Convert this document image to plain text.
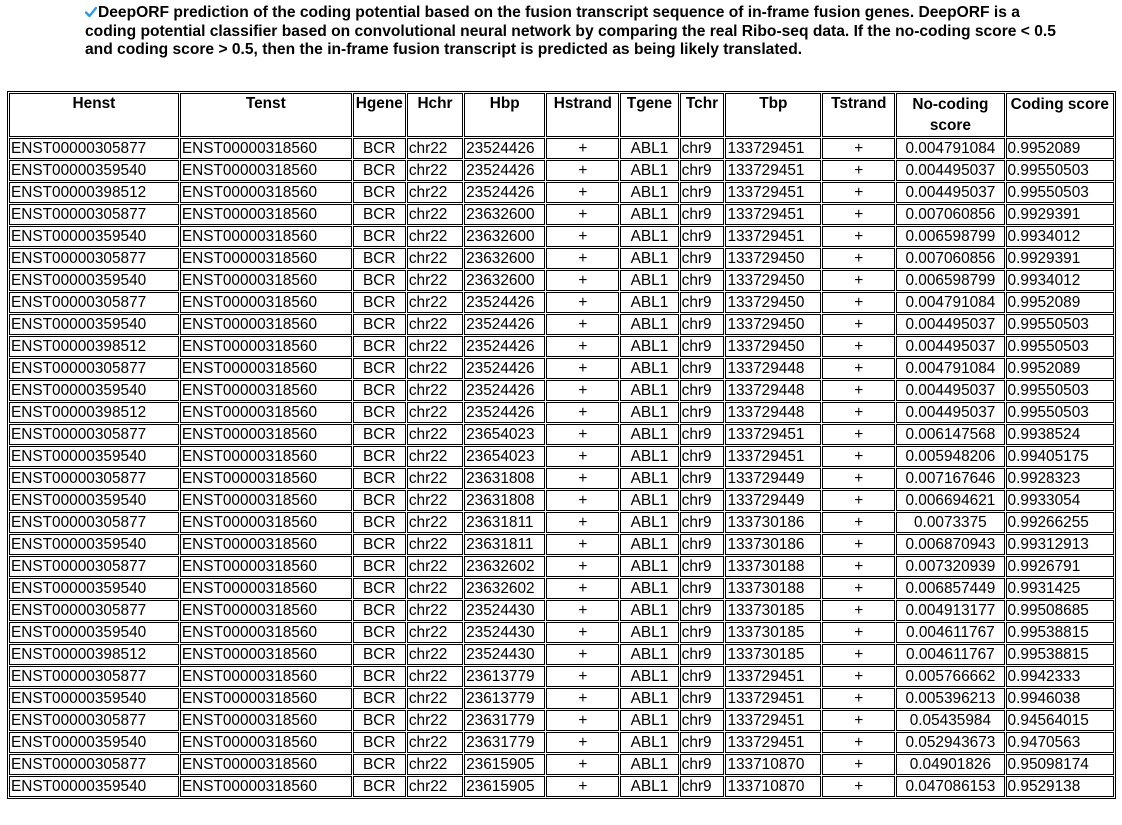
DeepORF prediction of the coding potential based on the fusion transcript sequence of in-frame fusion genes. DeepORF is a coding potential classifier based on convolutional neural network by comparing the real Ribo-seq data. If the no-coding score < 0.5 and coding score > 0.5, then the in-frame fusion transcript is predicted as being likely translated.
Henst	Tenst	Hgene	Hchr	Hbp	Hstrand	Tgene	Tchr	Tbp	Tstrand	No-coding score	Coding score
ENST00000305877	ENST00000318560	BCR	chr22	23524426	+	ABL1	chr9	133729451	+	0.004791084	0.9952089
ENST00000359540	ENST00000318560	BCR	chr22	23524426	+	ABL1	chr9	133729451	+	0.004495037	0.99550503
ENST00000398512	ENST00000318560	BCR	chr22	23524426	+	ABL1	chr9	133729451	+	0.004495037	0.99550503
ENST00000305877	ENST00000318560	BCR	chr22	23632600	+	ABL1	chr9	133729451	+	0.007060856	0.9929391
ENST00000359540	ENST00000318560	BCR	chr22	23632600	+	ABL1	chr9	133729451	+	0.006598799	0.9934012
ENST00000305877	ENST00000318560	BCR	chr22	23632600	+	ABL1	chr9	133729450	+	0.007060856	0.9929391
ENST00000359540	ENST00000318560	BCR	chr22	23632600	+	ABL1	chr9	133729450	+	0.006598799	0.9934012
ENST00000305877	ENST00000318560	BCR	chr22	23524426	+	ABL1	chr9	133729450	+	0.004791084	0.9952089
ENST00000359540	ENST00000318560	BCR	chr22	23524426	+	ABL1	chr9	133729450	+	0.004495037	0.99550503
ENST00000398512	ENST00000318560	BCR	chr22	23524426	+	ABL1	chr9	133729450	+	0.004495037	0.99550503
ENST00000305877	ENST00000318560	BCR	chr22	23524426	+	ABL1	chr9	133729448	+	0.004791084	0.9952089
ENST00000359540	ENST00000318560	BCR	chr22	23524426	+	ABL1	chr9	133729448	+	0.004495037	0.99550503
ENST00000398512	ENST00000318560	BCR	chr22	23524426	+	ABL1	chr9	133729448	+	0.004495037	0.99550503
ENST00000305877	ENST00000318560	BCR	chr22	23654023	+	ABL1	chr9	133729451	+	0.006147568	0.9938524
ENST00000359540	ENST00000318560	BCR	chr22	23654023	+	ABL1	chr9	133729451	+	0.005948206	0.99405175
ENST00000305877	ENST00000318560	BCR	chr22	23631808	+	ABL1	chr9	133729449	+	0.007167646	0.9928323
ENST00000359540	ENST00000318560	BCR	chr22	23631808	+	ABL1	chr9	133729449	+	0.006694621	0.9933054
ENST00000305877	ENST00000318560	BCR	chr22	23631811	+	ABL1	chr9	133730186	+	0.0073375	0.99266255
ENST00000359540	ENST00000318560	BCR	chr22	23631811	+	ABL1	chr9	133730186	+	0.006870943	0.99312913
ENST00000305877	ENST00000318560	BCR	chr22	23632602	+	ABL1	chr9	133730188	+	0.007320939	0.9926791
ENST00000359540	ENST00000318560	BCR	chr22	23632602	+	ABL1	chr9	133730188	+	0.006857449	0.9931425
ENST00000305877	ENST00000318560	BCR	chr22	23524430	+	ABL1	chr9	133730185	+	0.004913177	0.99508685
ENST00000359540	ENST00000318560	BCR	chr22	23524430	+	ABL1	chr9	133730185	+	0.004611767	0.99538815
ENST00000398512	ENST00000318560	BCR	chr22	23524430	+	ABL1	chr9	133730185	+	0.004611767	0.99538815
ENST00000305877	ENST00000318560	BCR	chr22	23613779	+	ABL1	chr9	133729451	+	0.005766662	0.9942333
ENST00000359540	ENST00000318560	BCR	chr22	23613779	+	ABL1	chr9	133729451	+	0.005396213	0.9946038
ENST00000305877	ENST00000318560	BCR	chr22	23631779	+	ABL1	chr9	133729451	+	0.05435984	0.94564015
ENST00000359540	ENST00000318560	BCR	chr22	23631779	+	ABL1	chr9	133729451	+	0.052943673	0.9470563
ENST00000305877	ENST00000318560	BCR	chr22	23615905	+	ABL1	chr9	133710870	+	0.04901826	0.95098174
ENST00000359540	ENST00000318560	BCR	chr22	23615905	+	ABL1	chr9	133710870	+	0.047086153	0.9529138
